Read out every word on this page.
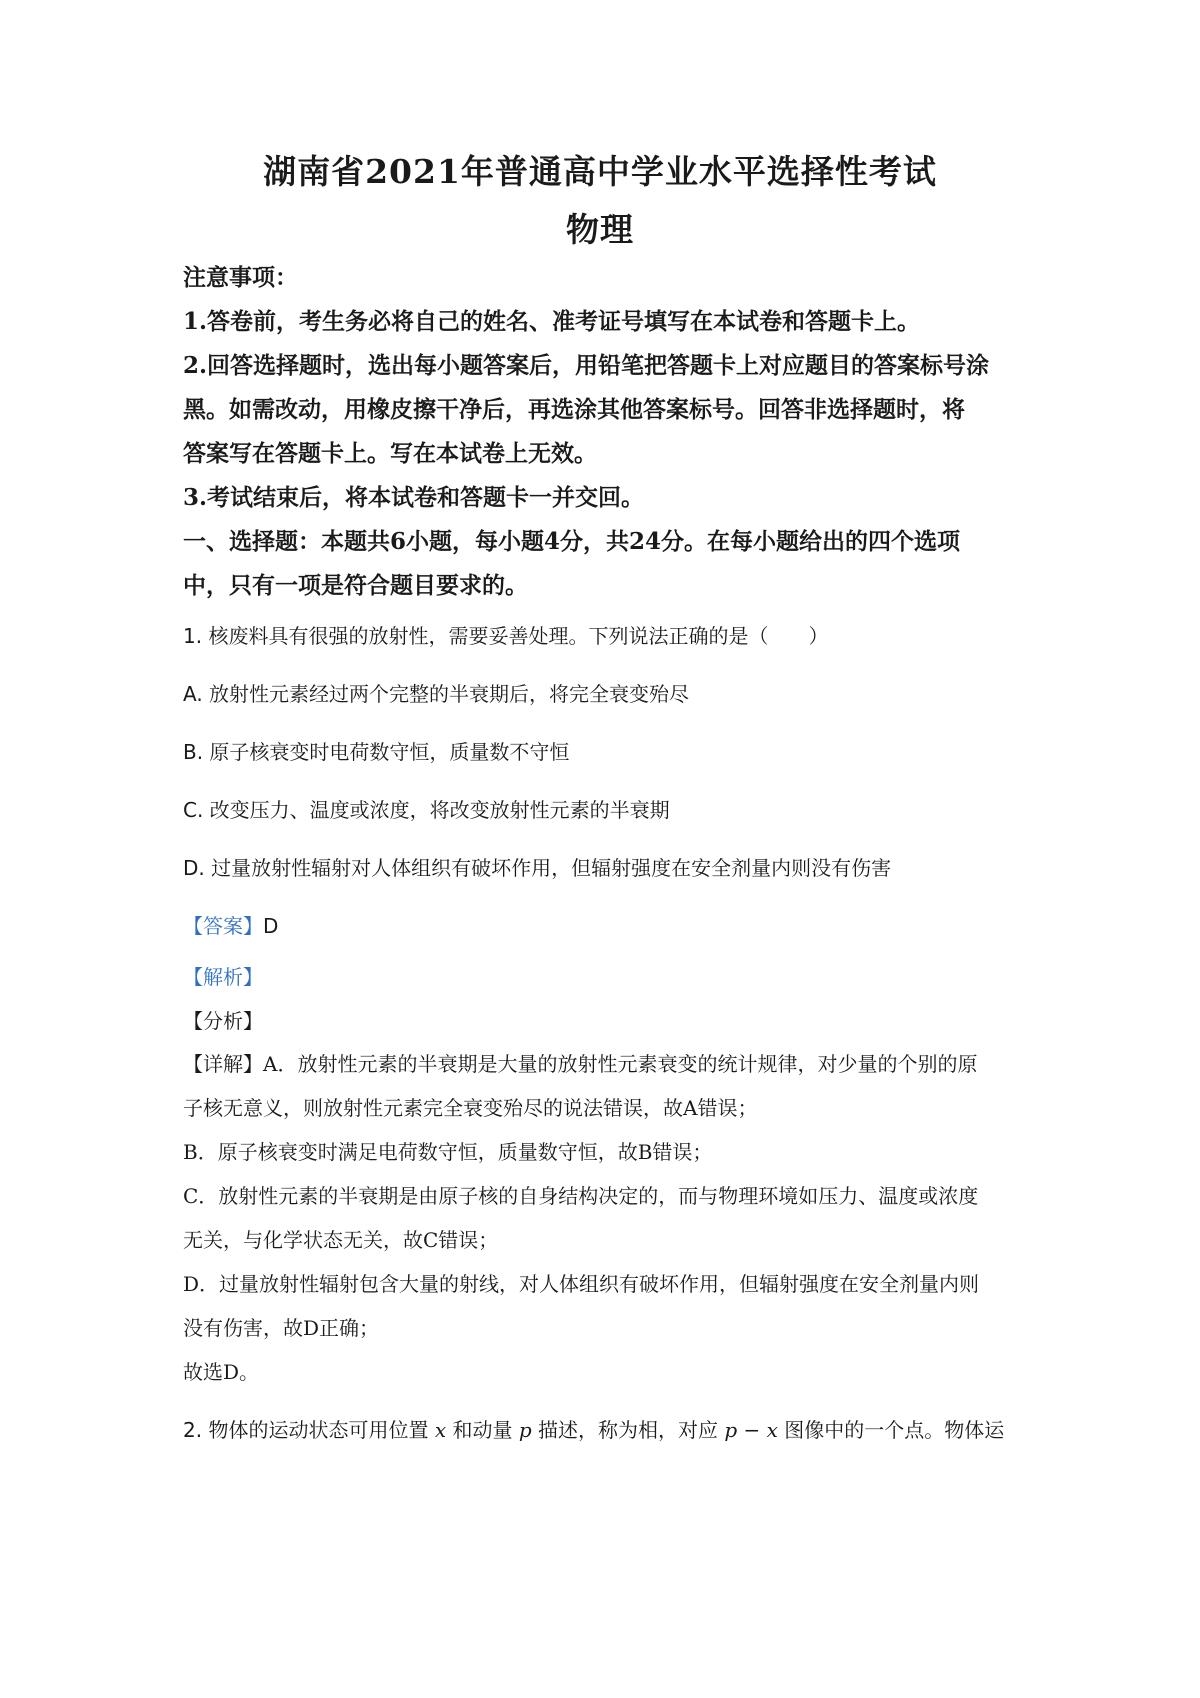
湖南省2021年普通高中学业水平选择性考试
物理
注意事项：
1.答卷前，考生务必将自己的姓名、准考证号填写在本试卷和答题卡上。
2.回答选择题时，选出每小题答案后，用铅笔把答题卡上对应题目的答案标号涂
黑。如需改动，用橡皮擦干净后，再选涂其他答案标号。回答非选择题时，将
答案写在答题卡上。写在本试卷上无效。
3.考试结束后，将本试卷和答题卡一并交回。
一、选择题：本题共6小题，每小题4分，共24分。在每小题给出的四个选项
中，只有一项是符合题目要求的。
1. 核废料具有很强的放射性，需要妥善处理。下列说法正确的是（　　）
A. 放射性元素经过两个完整的半衰期后，将完全衰变殆尽
B. 原子核衰变时电荷数守恒，质量数不守恒
C. 改变压力、温度或浓度，将改变放射性元素的半衰期
D. 过量放射性辐射对人体组织有破坏作用，但辐射强度在安全剂量内则没有伤害
【答案】D
【解析】
【分析】
【详解】A．放射性元素的半衰期是大量的放射性元素衰变的统计规律，对少量的个别的原
子核无意义，则放射性元素完全衰变殆尽的说法错误，故A错误；
B．原子核衰变时满足电荷数守恒，质量数守恒，故B错误；
C．放射性元素的半衰期是由原子核的自身结构决定的，而与物理环境如压力、温度或浓度
无关，与化学状态无关，故C错误；
D．过量放射性辐射包含大量的射线，对人体组织有破坏作用，但辐射强度在安全剂量内则
没有伤害，故D正确；
故选D。
2. 物体的运动状态可用位置 x 和动量 p 描述，称为相，对应 p − x 图像中的一个点。物体运
